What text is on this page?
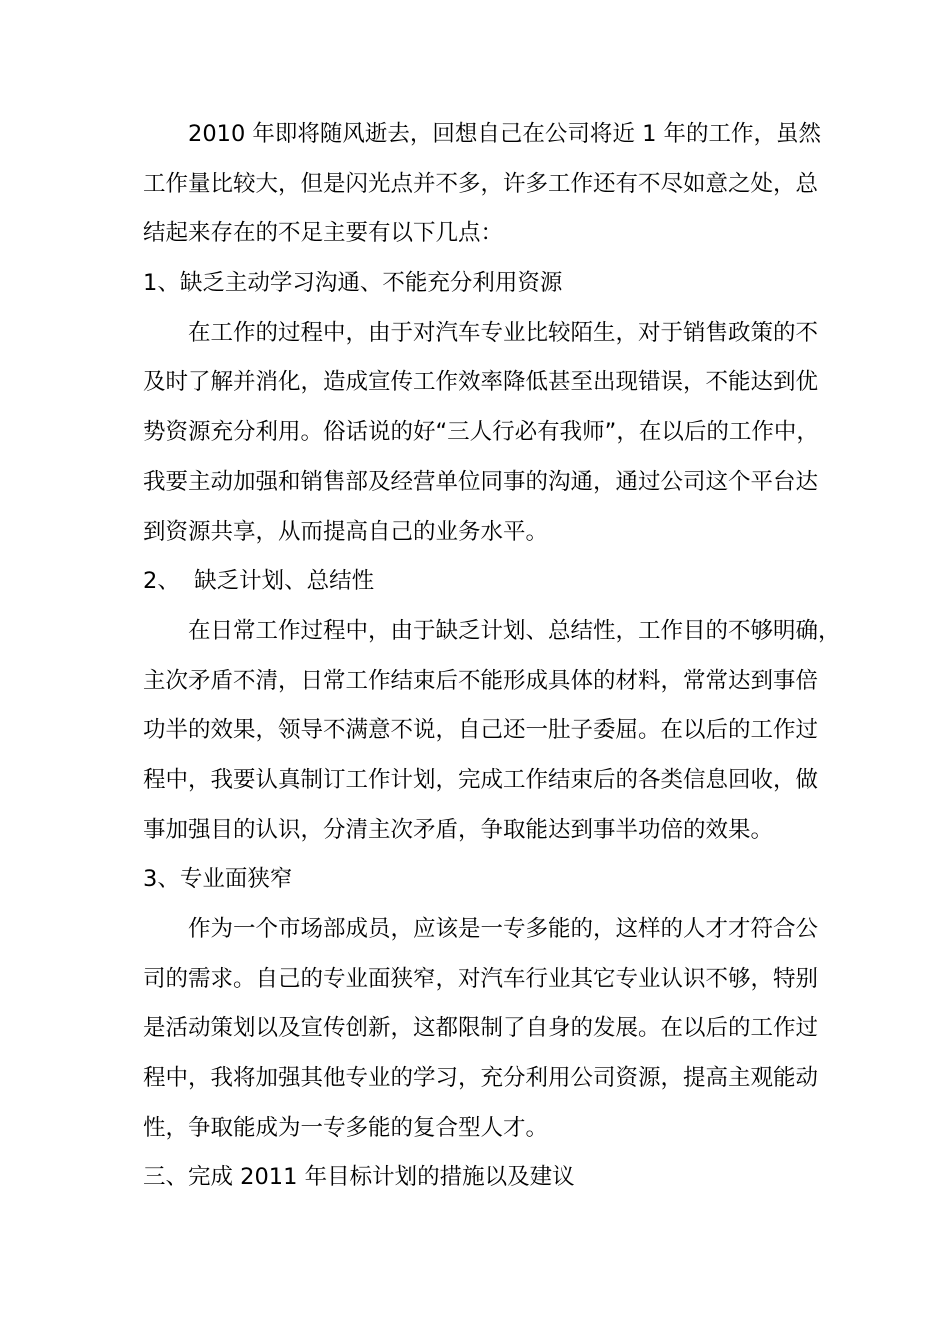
2010 年即将随风逝去，回想自己在公司将近 1 年的工作，虽然
工作量比较大，但是闪光点并不多，许多工作还有不尽如意之处，总
结起来存在的不足主要有以下几点：
1、缺乏主动学习沟通、不能充分利用资源
在工作的过程中，由于对汽车专业比较陌生，对于销售政策的不
及时了解并消化，造成宣传工作效率降低甚至出现错误，不能达到优
势资源充分利用。俗话说的好“三人行必有我师”，在以后的工作中，
我要主动加强和销售部及经营单位同事的沟通，通过公司这个平台达
到资源共享，从而提高自己的业务水平。
2、  缺乏计划、总结性
在日常工作过程中，由于缺乏计划、总结性，工作目的不够明确，
主次矛盾不清，日常工作结束后不能形成具体的材料，常常达到事倍
功半的效果，领导不满意不说，自己还一肚子委屈。在以后的工作过
程中，我要认真制订工作计划，完成工作结束后的各类信息回收，做
事加强目的认识，分清主次矛盾，争取能达到事半功倍的效果。
3、专业面狭窄
作为一个市场部成员，应该是一专多能的，这样的人才才符合公
司的需求。自己的专业面狭窄，对汽车行业其它专业认识不够，特别
是活动策划以及宣传创新，这都限制了自身的发展。在以后的工作过
程中，我将加强其他专业的学习，充分利用公司资源，提高主观能动
性，争取能成为一专多能的复合型人才。
三、完成 2011 年目标计划的措施以及建议
